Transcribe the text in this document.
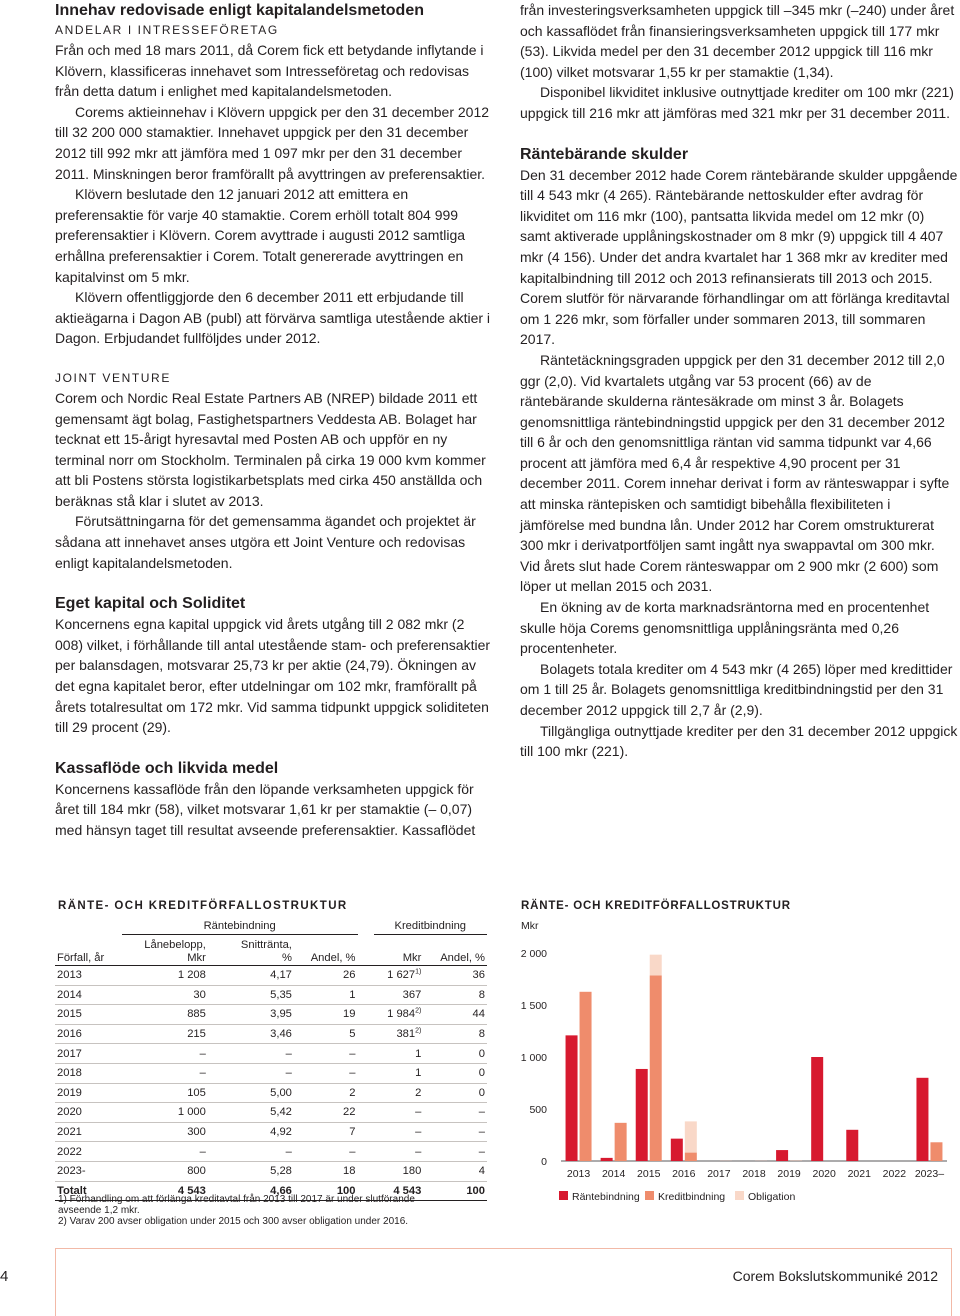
Innehav redovisade enligt kapitalandelsmetoden
ANDELAR I INTRESSEFÖRETAG

Från och med 18 mars 2011, då Corem fick ett betydande inflytande i Klövern, klassificeras innehavet som Intresseföretag och redovisas från detta datum i enlighet med kapitalandelsmetoden.

Corems aktieinnehav i Klövern uppgick per den 31 december 2012 till 32 200 000 stamaktier. Innehavet uppgick per den 31 december 2012 till 992 mkr att jämföra med 1 097 mkr per den 31 december 2011. Minskningen beror framförallt på avyttringen av preferensaktier.

Klövern beslutade den 12 januari 2012 att emittera en preferensaktie för varje 40 stamaktie. Corem erhöll totalt 804 999 preferensaktier i Klövern. Corem avyttrade i augusti 2012 samtliga erhållna preferensaktier i Corem. Totalt genererade avyttringen en kapitalvinst om 5 mkr.

Klövern offentliggjorde den 6 december 2011 ett erbjudande till aktieägarna i Dagon AB (publ) att förvärva samtliga utestående aktier i Dagon. Erbjudandet fullföljdes under 2012.

JOINT VENTURE

Corem och Nordic Real Estate Partners AB (NREP) bildade 2011 ett gemensamt ägt bolag, Fastighetspartners Veddesta AB. Bolaget har tecknat ett 15-årigt hyresavtal med Posten AB och uppför en ny terminal norr om Stockholm. Terminalen på cirka 19 000 kvm kommer att bli Postens största logistikarbetsplats med cirka 450 anställda och beräknas stå klar i slutet av 2013.

Förutsättningarna för det gemensamma ägandet och projektet är sådana att innehavet anses utgöra ett Joint Venture och redovisas enligt kapitalandelsmetoden.

Eget kapital och Soliditet

Koncernens egna kapital uppgick vid årets utgång till 2 082 mkr (2 008) vilket, i förhållande till antal utestående stam- och preferensaktier per balansdagen, motsvarar 25,73 kr per aktie (24,79). Ökningen av det egna kapitalet beror, efter utdelningar om 102 mkr, framförallt på årets totalresultat om 172 mkr. Vid samma tidpunkt uppgick soliditeten till 29 procent (29).

Kassaflöde och likvida medel

Koncernens kassaflöde från den löpande verksamheten uppgick för året till 184 mkr (58), vilket motsvarar 1,61 kr per stamaktie (– 0,07) med hänsyn taget till resultat avseende preferensaktier. Kassaflödet

från investeringsverksamheten uppgick till –345 mkr (–240) under året och kassaflödet från finansieringsverksamheten uppgick till 177 mkr (53). Likvida medel per den 31 december 2012 uppgick till 116 mkr (100) vilket motsvarar 1,55 kr per stamaktie (1,34).

Disponibel likviditet inklusive outnyttjade krediter om 100 mkr (221) uppgick till 216 mkr att jämföras med 321 mkr per 31 december 2011.

Räntebärande skulder

Den 31 december 2012 hade Corem räntebärande skulder uppgående till 4 543 mkr (4 265). Räntebärande nettoskulder efter avdrag för likviditet om 116 mkr (100), pantsatta likvida medel om 12 mkr (0) samt aktiverade upplåningskostnader om 8 mkr (9) uppgick till 4 407 mkr (4 156). Under det andra kvartalet har 1 368 mkr av krediter med kapitalbindning till 2012 och 2013 refinansierats till 2013 och 2015. Corem slutför för närvarande förhandlingar om att förlänga kreditavtal om 1 226 mkr, som förfaller under sommaren 2013, till sommaren 2017.

Räntetäckningsgraden uppgick per den 31 december 2012 till 2,0 ggr (2,0). Vid kvartalets utgång var 53 procent (66) av de räntebärande skulderna räntesäkrade om minst 3 år. Bolagets genomsnittliga räntebindningstid uppgick per den 31 december 2012 till 6 år och den genomsnittliga räntan vid samma tidpunkt var 4,66 procent att jämföra med 6,4 år respektive 4,90 procent per 31 december 2011. Corem innehar derivat i form av ränteswappar i syfte att minska räntерisken och samtidigt bibehålla flexibiliteten i jämförelse med bundna lån. Under 2012 har Corem omstrukturerat 300 mkr i derivatportföljen samt ingått nya swappavtal om 300 mkr. Vid årets slut hade Corem ränteswappar om 2 900 mkr (2 600) som löper ut mellan 2015 och 2031.

En ökning av de korta marknadsräntorna med en procentenhet skulle höja Corems genomsnittliga upplåningsränta med 0,26 procentenheter.

Bolagets totala krediter om 4 543 mkr (4 265) löper med kredittider om 1 till 25 år. Bolagets genomsnittliga kreditbindningstid per den 31 december 2012 uppgick till 2,7 år (2,9).

Tillgängliga outnyttjade krediter per den 31 december 2012 uppgick till 100 mkr (221).

RÄNTE- OCH KREDITFÖRFALLOSTRUKTUR
	Räntebindning				Kreditbindning	
Förfall, år	Lånebelopp, Mkr	Snittränta, %	Andel, %		Mkr	Andel, %
2013	1 208	4,17	26		1 627$^{1)}$	36
2014	30	5,35	1		367	8
2015	885	3,95	19		1 984$^{2)}$	44
2016	215	3,46	5		381$^{2)}$	8
2017	–	–	–		1	0
2018	–	–	–		1	0
2019	105	5,00	2		2	0
2020	1 000	5,42	22		–	–
2021	300	4,92	7		–	–
2022	–	–	–		–	–
2023-	800	5,28	18		180	4
Totalt	4 543	4,66	100		4 543	100
1) Förhandling om att förlänga kreditavtal från 2013 till 2017 är under slutförande avseende 1,2 mkr.
2) Varav 200 avser obligation under 2015 och 300 avser obligation under 2016.
RÄNTE- OCH KREDITFÖRFALLOSTRUKTUR
Mkr
0
500
1 000
1 500
2 000
2013 2014 2015 2016 2017 2018 2019 2020 2021 2022 2023–
Räntebindning Kreditbindning Obligation
4	Corem Bokslutskommuniké 2012
